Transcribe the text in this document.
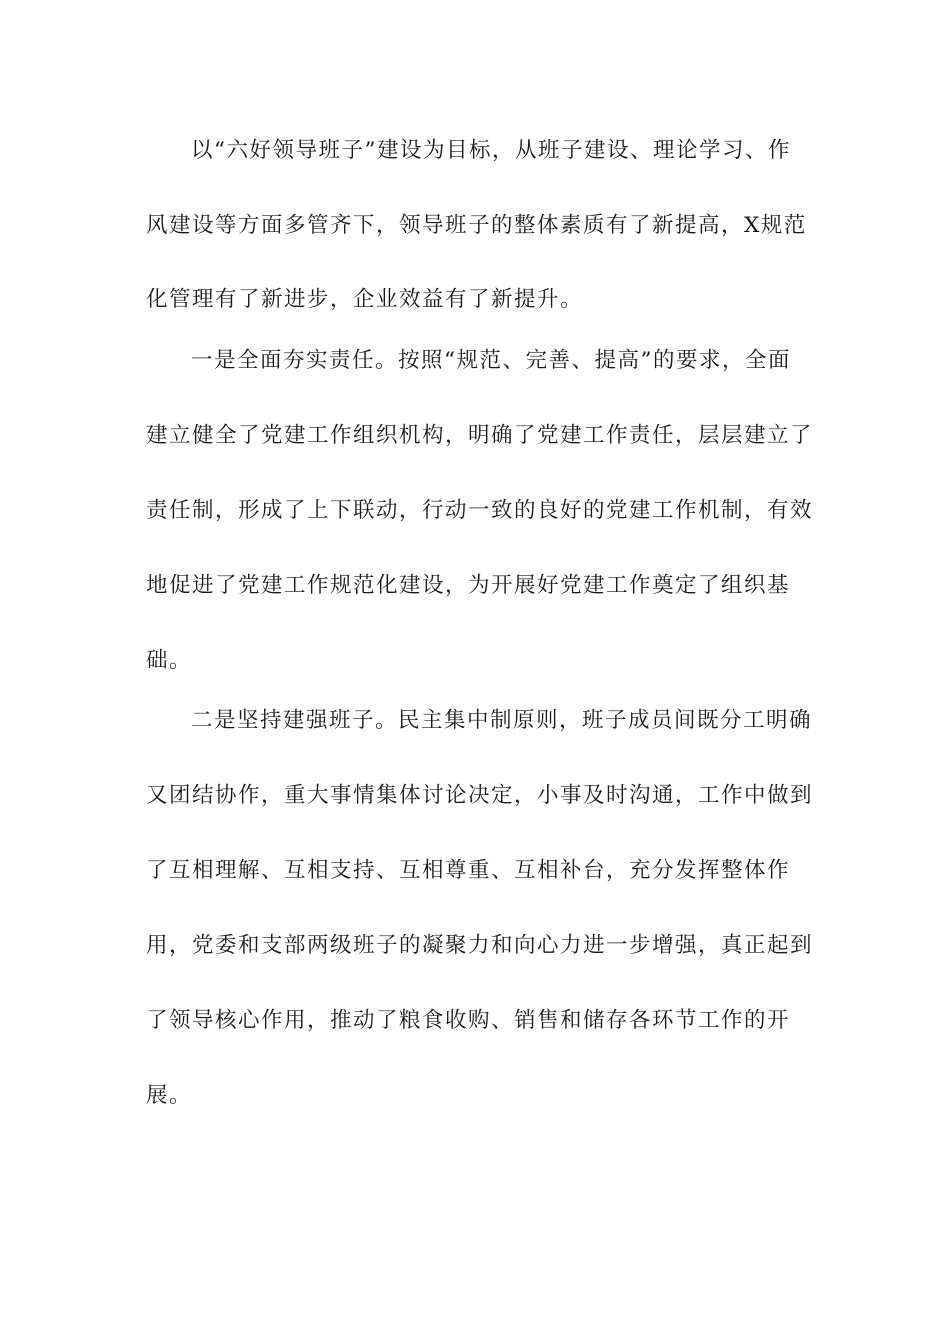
以“六好领导班子”建设为目标，从班子建设、理论学习、作
风建设等方面多管齐下，领导班子的整体素质有了新提高，X规范
化管理有了新进步，企业效益有了新提升。
一是全面夯实责任。按照“规范、完善、提高”的要求，全面
建立健全了党建工作组织机构，明确了党建工作责任，层层建立了
责任制，形成了上下联动，行动一致的良好的党建工作机制，有效
地促进了党建工作规范化建设，为开展好党建工作奠定了组织基
础。
二是坚持建强班子。民主集中制原则，班子成员间既分工明确
又团结协作，重大事情集体讨论决定，小事及时沟通，工作中做到
了互相理解、互相支持、互相尊重、互相补台，充分发挥整体作
用，党委和支部两级班子的凝聚力和向心力进一步增强，真正起到
了领导核心作用，推动了粮食收购、销售和储存各环节工作的开
展。
